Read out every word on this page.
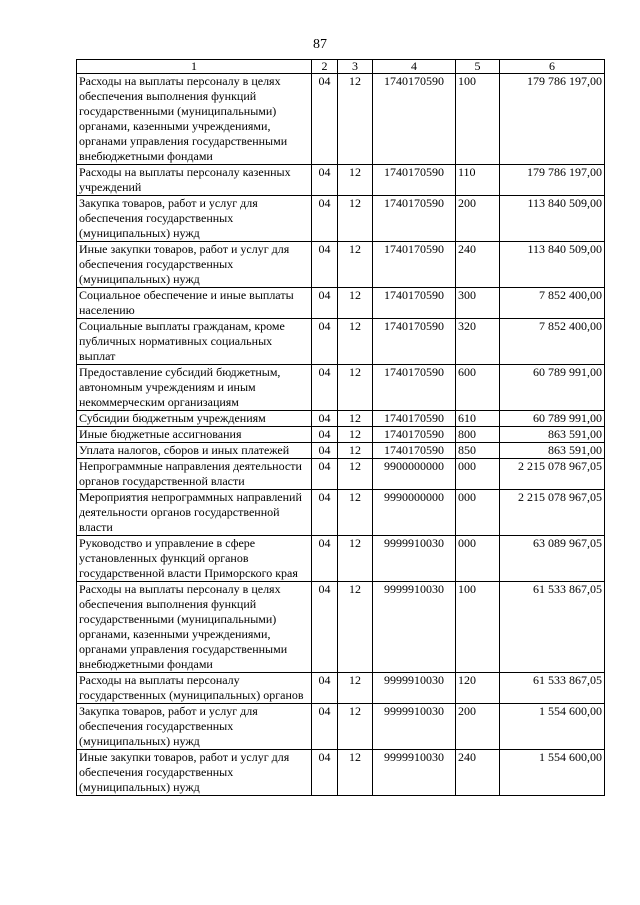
87
1	2	3	4	5	6
Расходы на выплаты персоналу в целях обеспечения выполнения функций государственными (муниципальными) органами, казенными учреждениями, органами управления государственными внебюджетными фондами	04	12	1740170590	100	179 786 197,00
Расходы на выплаты персоналу казенных учреждений	04	12	1740170590	110	179 786 197,00
Закупка товаров, работ и услуг для обеспечения государственных (муниципальных) нужд	04	12	1740170590	200	113 840 509,00
Иные закупки товаров, работ и услуг для обеспечения государственных (муниципальных) нужд	04	12	1740170590	240	113 840 509,00
Социальное обеспечение и иные выплаты населению	04	12	1740170590	300	7 852 400,00
Социальные выплаты гражданам, кроме публичных нормативных социальных выплат	04	12	1740170590	320	7 852 400,00
Предоставление субсидий бюджетным, автономным учреждениям и иным некоммерческим организациям	04	12	1740170590	600	60 789 991,00
Субсидии бюджетным учреждениям	04	12	1740170590	610	60 789 991,00
Иные бюджетные ассигнования	04	12	1740170590	800	863 591,00
Уплата налогов, сборов и иных платежей	04	12	1740170590	850	863 591,00
Непрограммные направления деятельности органов государственной власти	04	12	9900000000	000	2 215 078 967,05
Мероприятия непрограммных направлений деятельности органов государственной власти	04	12	9990000000	000	2 215 078 967,05
Руководство и управление в сфере установленных функций органов государственной власти Приморского края	04	12	9999910030	000	63 089 967,05
Расходы на выплаты персоналу в целях обеспечения выполнения функций государственными (муниципальными) органами, казенными учреждениями, органами управления государственными внебюджетными фондами	04	12	9999910030	100	61 533 867,05
Расходы на выплаты персоналу государственных (муниципальных) органов	04	12	9999910030	120	61 533 867,05
Закупка товаров, работ и услуг для обеспечения государственных (муниципальных) нужд	04	12	9999910030	200	1 554 600,00
Иные закупки товаров, работ и услуг для обеспечения государственных (муниципальных) нужд	04	12	9999910030	240	1 554 600,00
